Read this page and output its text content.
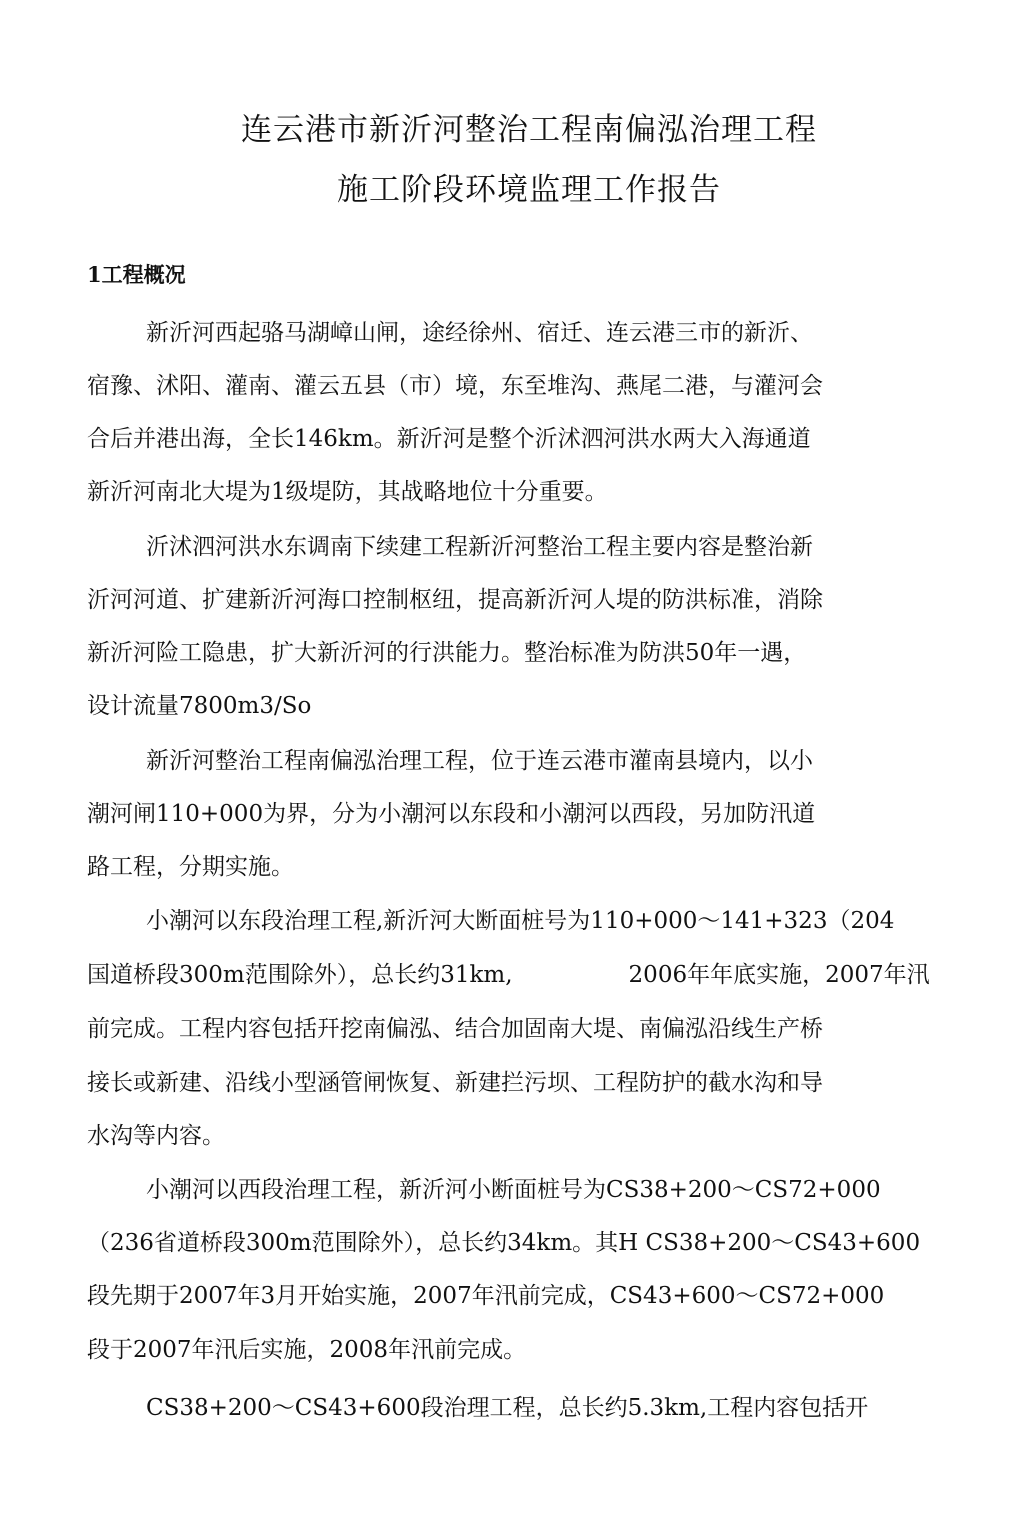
连云港市新沂河整治工程南偏泓治理工程
施工阶段环境监理工作报告
1工程概况
新沂河西起骆马湖嶂山闸，途经徐州、宿迁、连云港三市的新沂、
宿豫、沭阳、灌南、灌云五县（市）境，东至堆沟、燕尾二港，与灌河会
合后并港出海，全长146km。新沂河是整个沂沭泗河洪水两大入海通道
新沂河南北大堤为1级堤防，其战略地位十分重要。
沂沭泗河洪水东调南下续建工程新沂河整治工程主要内容是整治新
沂河河道、扩建新沂河海口控制枢纽，提高新沂河人堤的防洪标准，消除
新沂河险工隐患，扩大新沂河的行洪能力。整治标准为防洪50年一遇，
设计流量7800m3/So
新沂河整治工程南偏泓治理工程，位于连云港市灌南县境内，以小
潮河闸110+000为界，分为小潮河以东段和小潮河以西段，另加防汛道
路工程，分期实施。
小潮河以东段治理工程,新沂河大断面桩号为110+000～141+323（204
国道桥段300m范围除外），总长约31km,	2006年年底实施，2007年汛
前完成。工程内容包括幵挖南偏泓、结合加固南大堤、南偏泓沿线生产桥
接长或新建、沿线小型涵管闸恢复、新建拦污坝、工程防护的截水沟和导
水沟等内容。
小潮河以西段治理工程，新沂河小断面桩号为CS38+200～CS72+000
（236省道桥段300m范围除外），总长约34km。其H CS38+200～CS43+600
段先期于2007年3月开始实施，2007年汛前完成，CS43+600～CS72+000
段于2007年汛后实施，2008年汛前完成。
CS38+200～CS43+600段治理工程，总长约5.3km,工程内容包括开
